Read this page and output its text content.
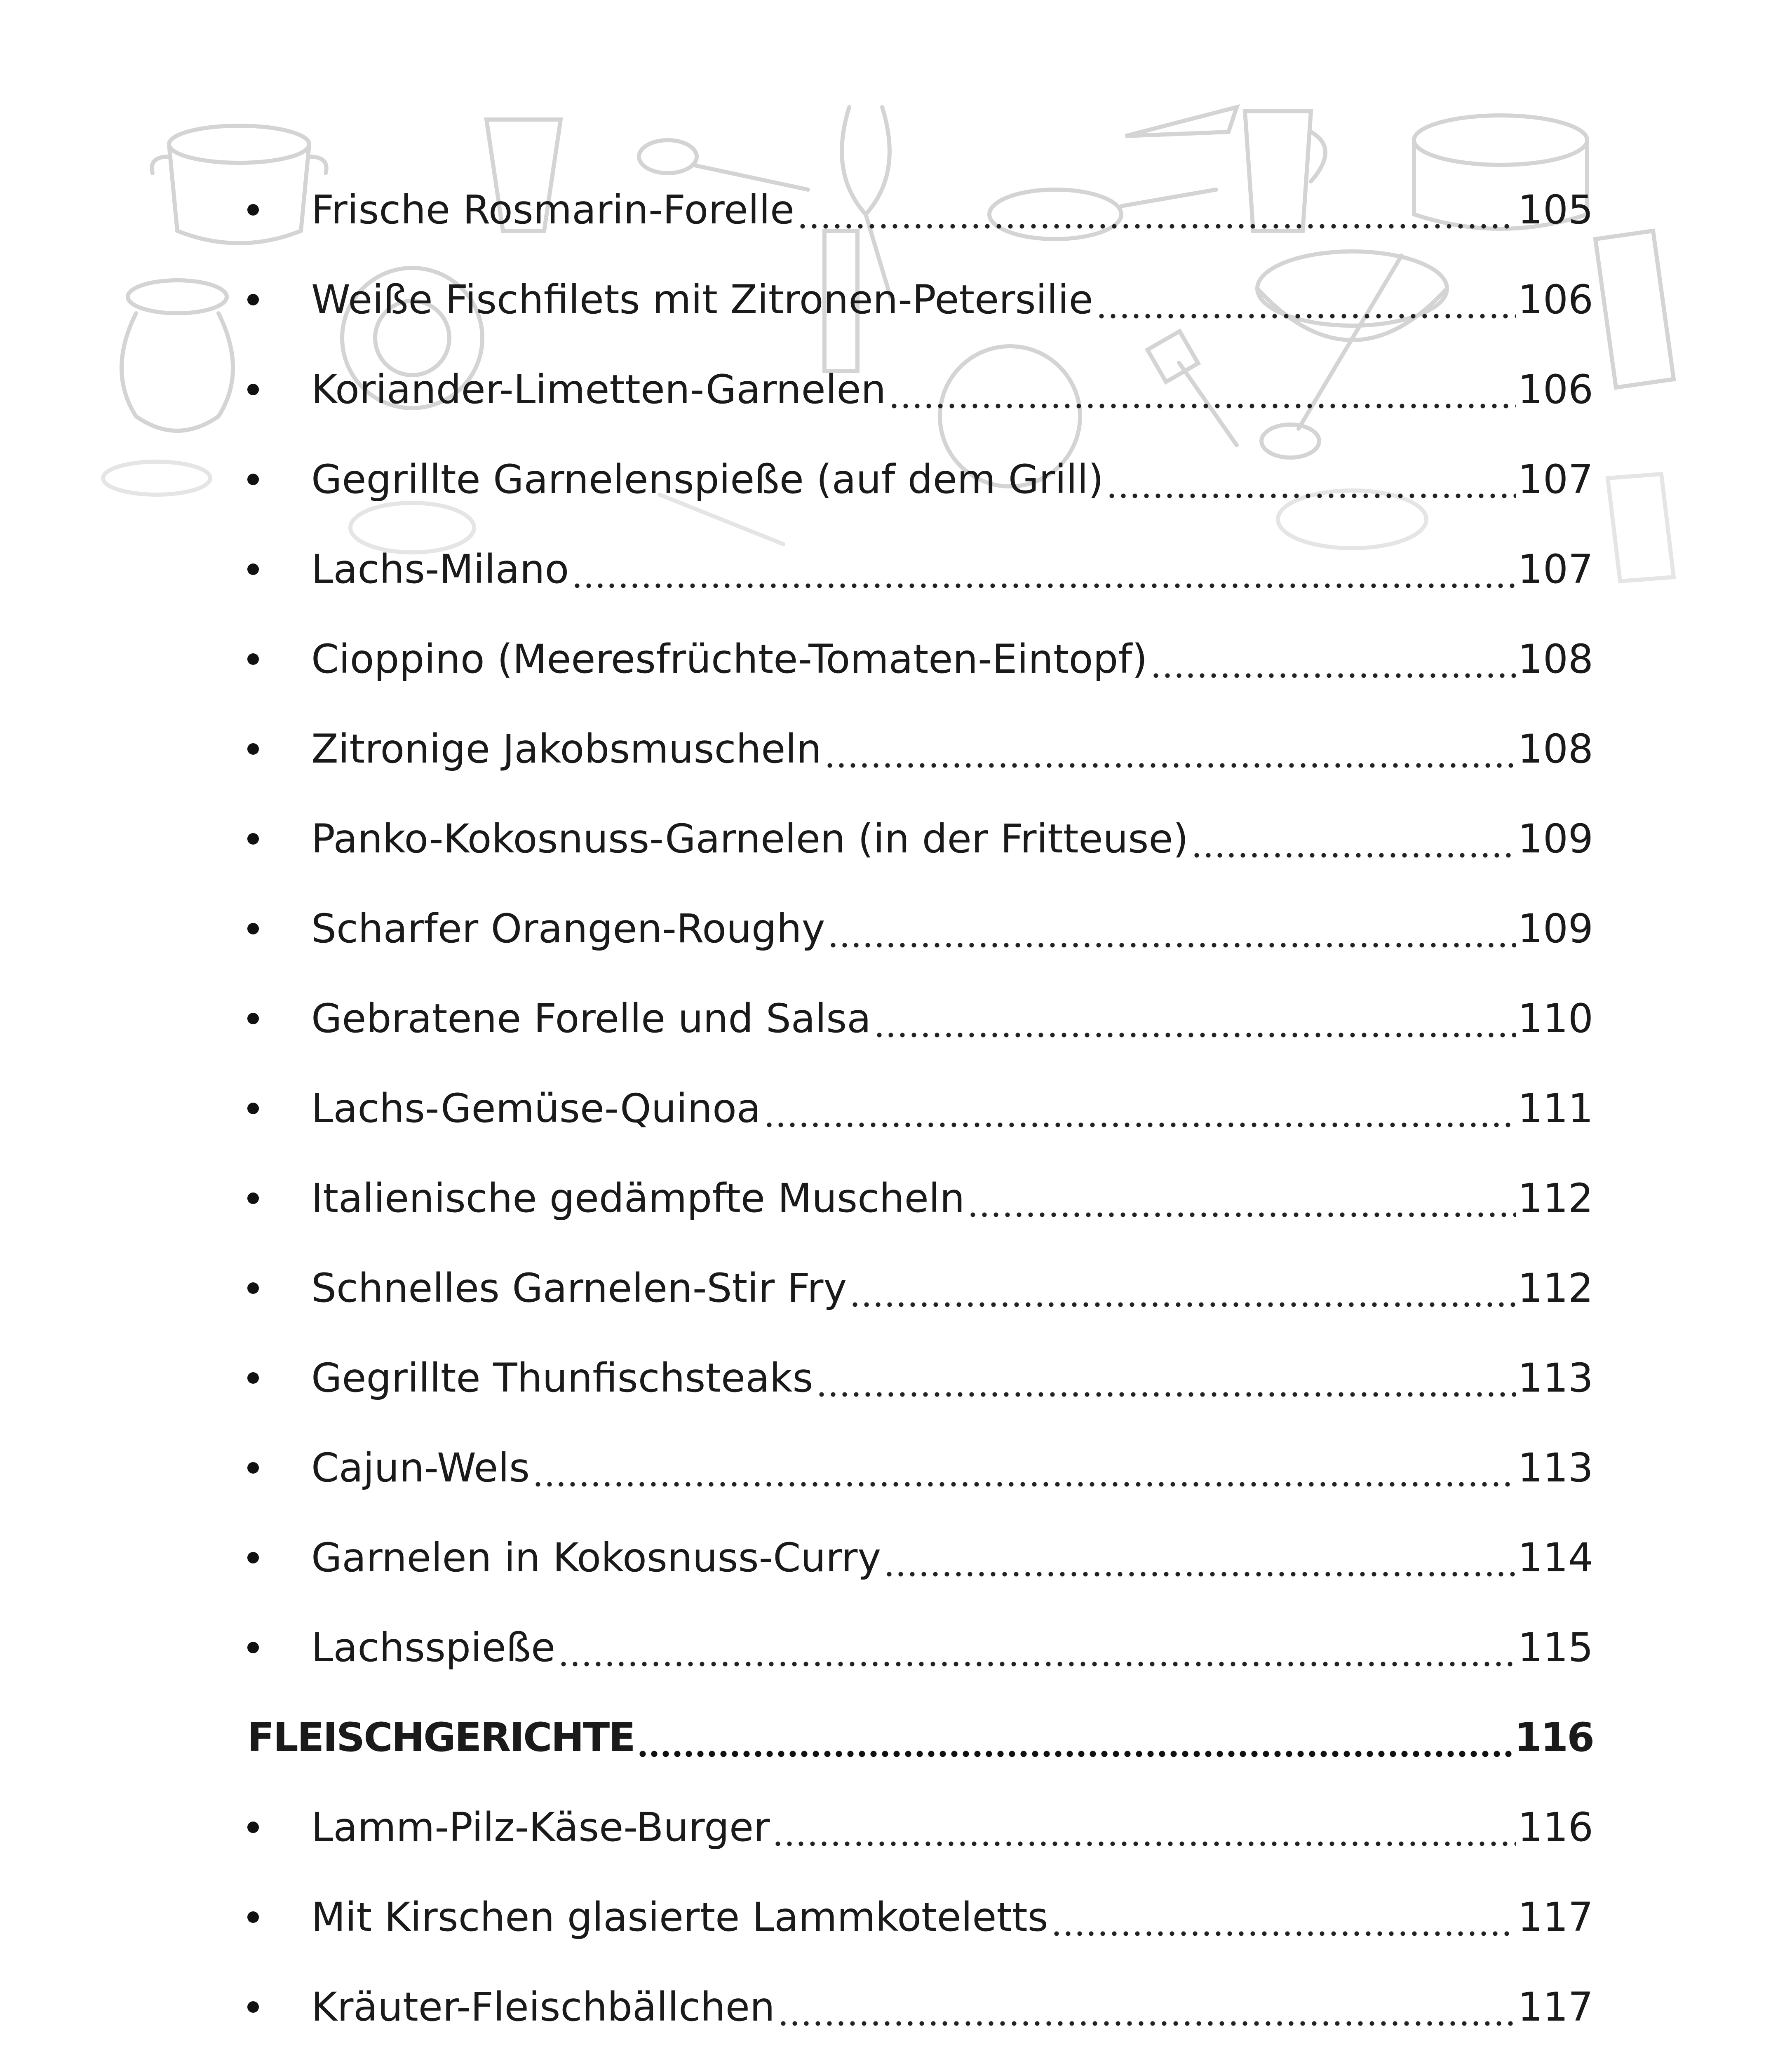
Frische Rosmarin-Forelle	105
Weiße Fischfilets mit Zitronen-Petersilie	106
Koriander-Limetten-Garnelen	106
Gegrillte Garnelenspieße (auf dem Grill)	107
Lachs-Milano	107
Cioppino (Meeresfrüchte-Tomaten-Eintopf)	108
Zitronige Jakobsmuscheln	108
Panko-Kokosnuss-Garnelen (in der Fritteuse)	109
Scharfer Orangen-Roughy	109
Gebratene Forelle und Salsa	110
Lachs-Gemüse-Quinoa	111
Italienische gedämpfte Muscheln	112
Schnelles Garnelen-Stir Fry	112
Gegrillte Thunfischsteaks	113
Cajun-Wels	113
Garnelen in Kokosnuss-Curry	114
Lachsspieße	115
FLEISCHGERICHTE	116
Lamm-Pilz-Käse-Burger	116
Mit Kirschen glasierte Lammkoteletts	117
Kräuter-Fleischbällchen	117
